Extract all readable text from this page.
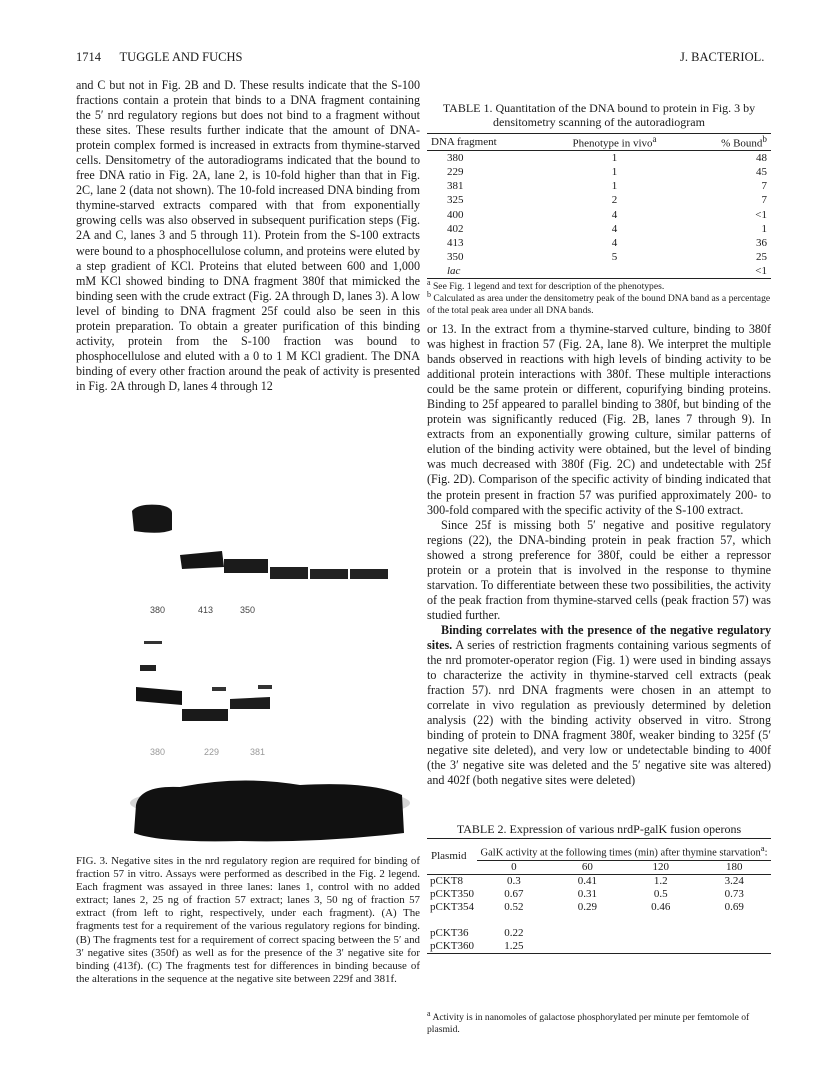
1714 TUGGLE AND FUCHS	J. BACTERIOL.

and C but not in Fig. 2B and D. These results indicate that the S-100 fractions contain a protein that binds to a DNA fragment containing the 5′ nrd regulatory regions but does not bind to a fragment without these sites. These results further indicate that the amount of DNA-protein complex formed is increased in extracts from thymine-starved cells. Densitometry of the autoradiograms indicated that the bound to free DNA ratio in Fig. 2A, lane 2, is 10-fold higher than that in Fig. 2C, lane 2 (data not shown). The 10-fold increased DNA binding from thymine-starved extracts compared with that from exponentially growing cells was also observed in subsequent purification steps (Fig. 2A and C, lanes 3 and 5 through 11). Protein from the S-100 extracts were bound to a phosphocellulose column, and proteins were eluted by a step gradient of KCl. Proteins that eluted between 600 and 1,000 mM KCl showed binding to DNA fragment 380f that mimicked the binding seen with the crude extract (Fig. 2A through D, lanes 3). A low level of binding to DNA fragment 25f could also be seen in this protein preparation. To obtain a greater purification of this binding activity, protein from the S-100 fraction was bound to phosphocellulose and eluted with a 0 to 1 M KCl gradient. The DNA binding of every other fraction around the peak of activity is presented in Fig. 2A through D, lanes 4 through 12

380	413	350
380	229	381
FIG. 3. Negative sites in the nrd regulatory region are required for binding of fraction 57 in vitro. Assays were performed as described in the Fig. 2 legend. Each fragment was assayed in three lanes: lanes 1, control with no added extract; lanes 2, 25 ng of fraction 57 extract; lanes 3, 50 ng of fraction 57 extract (from left to right, respectively, under each fragment). (A) The fragments test for a requirement of the various regulatory regions for binding. (B) The fragments test for a requirement of correct spacing between the 5′ and 3′ negative sites (350f) as well as for the presence of the 3′ negative site for binding (413f). (C) The fragments test for differences in binding because of the alterations in the sequence at the negative site between 229f and 381f.
TABLE 1. Quantitation of the DNA bound to protein in Fig. 3 by densitometry scanning of the autoradiogram
DNA fragment	Phenotype in vivo$^a$	% Bound$^b$
380	1	48
229	1	45
381	1	7
325	2	7
400	4	<1
402	4	1
413	4	36
350	5	25
lac		<1
$^a$ See Fig. 1 legend and text for description of the phenotypes.
$^b$ Calculated as area under the densitometry peak of the bound DNA band as a percentage of the total peak area under all DNA bands.

or 13. In the extract from a thymine-starved culture, binding to 380f was highest in fraction 57 (Fig. 2A, lane 8). We interpret the multiple bands observed in reactions with high levels of binding activity to be additional protein interactions with 380f. These multiple interactions could be the same protein or different, copurifying binding proteins. Binding to 25f appeared to parallel binding to 380f, but binding of the protein was significantly reduced (Fig. 2B, lanes 7 through 9). In extracts from an exponentially growing culture, similar patterns of elution of the binding activity were obtained, but the level of binding was much decreased with 380f (Fig. 2C) and undetectable with 25f (Fig. 2D). Comparison of the specific activity of binding indicated that the protein present in fraction 57 was purified approximately 200- to 300-fold compared with the specific activity of the S-100 extract.

Since 25f is missing both 5′ negative and positive regulatory regions (22), the DNA-binding protein in peak fraction 57, which showed a strong preference for 380f, could be either a repressor protein or a protein that is involved in the response to thymine starvation. To differentiate between these two possibilities, the activity of the peak fraction from thymine-starved cells (peak fraction 57) was studied further.

Binding correlates with the presence of the negative regulatory sites. A series of restriction fragments containing various segments of the nrd promoter-operator region (Fig. 1) were used in binding assays to characterize the activity in thymine-starved cell extracts (peak fraction 57). nrd DNA fragments were chosen in an attempt to correlate in vivo regulation as previously determined by deletion analysis (22) with the binding activity observed in vitro. Strong binding of protein to DNA fragment 380f, weaker binding to 325f (5′ negative site deleted), and very low or undetectable binding to 400f (the 3′ negative site was deleted and the 5′ negative site was altered) and 402f (both negative sites were deleted)

TABLE 2. Expression of various nrdP-galK fusion operons
Plasmid	GalK activity at the following times (min) after thymine starvation$^a$:			
	0	60	120	180
pCKT8	0.3	0.41	1.2	3.24
pCKT350	0.67	0.31	0.5	0.73
pCKT354	0.52	0.29	0.46	0.69

pCKT36	0.22			
pCKT360	1.25			
$^a$ Activity is in nanomoles of galactose phosphorylated per minute per femtomole of plasmid.
